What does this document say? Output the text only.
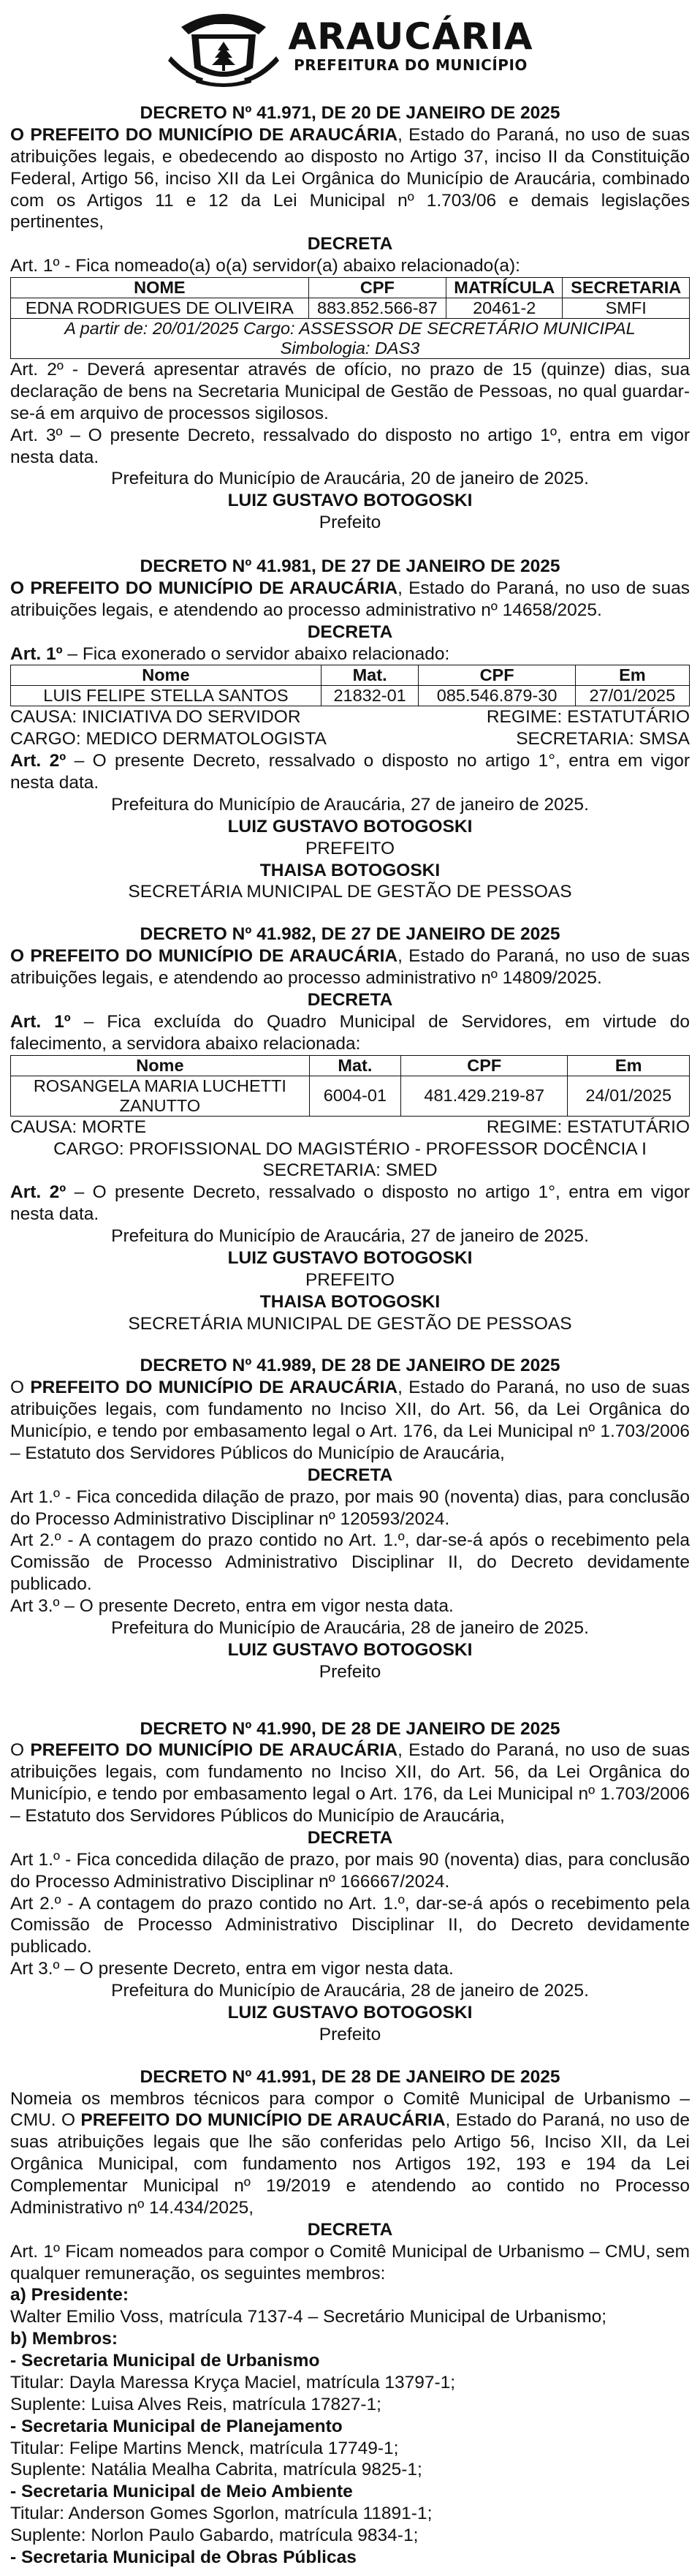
ARAUCÁRIA
PREFEITURA DO MUNICÍPIO

DECRETO Nº 41.971, DE 20 DE JANEIRO DE 2025

O PREFEITO DO MUNICÍPIO DE ARAUCÁRIA, Estado do Paraná, no uso de suas atribuições legais, e obedecendo ao disposto no Artigo 37, inciso II da Constituição Federal, Artigo 56, inciso XII da Lei Orgânica do Município de Araucária, combinado com os Artigos 11 e 12 da Lei Municipal nº 1.703/06 e demais legislações pertinentes,

DECRETA

Art. 1º - Fica nomeado(a) o(a) servidor(a) abaixo relacionado(a):

NOME	CPF	MATRÍCULA	SECRETARIA
EDNA RODRIGUES DE OLIVEIRA	883.852.566-87	20461-2	SMFI

A partir de: 20/01/2025 Cargo: ASSESSOR DE SECRETÁRIO MUNICIPAL
Simbologia: DAS3			

Art. 2º - Deverá apresentar através de ofício, no prazo de 15 (quinze) dias, sua declaração de bens na Secretaria Municipal de Gestão de Pessoas, no qual guardar-se-á em arquivo de processos sigilosos.

Art. 3º – O presente Decreto, ressalvado do disposto no artigo 1º, entra em vigor nesta data.

Prefeitura do Município de Araucária, 20 de janeiro de 2025.

LUIZ GUSTAVO BOTOGOSKI

Prefeito

DECRETO Nº 41.981, DE 27 DE JANEIRO DE 2025

O PREFEITO DO MUNICÍPIO DE ARAUCÁRIA, Estado do Paraná, no uso de suas atribuições legais, e atendendo ao processo administrativo nº 14658/2025.

DECRETA

Art. 1º – Fica exonerado o servidor abaixo relacionado:

Nome	Mat.	CPF	Em
LUIS FELIPE STELLA SANTOS	21832-01	085.546.879-30	27/01/2025
CAUSA: INICIATIVA DO SERVIDOR	REGIME: ESTATUTÁRIO
CARGO: MEDICO DERMATOLOGISTA	SECRETARIA: SMSA

Art. 2º – O presente Decreto, ressalvado o disposto no artigo 1°, entra em vigor nesta data.

Prefeitura do Município de Araucária, 27 de janeiro de 2025.

LUIZ GUSTAVO BOTOGOSKI

PREFEITO

THAISA BOTOGOSKI

SECRETÁRIA MUNICIPAL DE GESTÃO DE PESSOAS

DECRETO Nº 41.982, DE 27 DE JANEIRO DE 2025

O PREFEITO DO MUNICÍPIO DE ARAUCÁRIA, Estado do Paraná, no uso de suas atribuições legais, e atendendo ao processo administrativo nº 14809/2025.

DECRETA

Art. 1º – Fica excluída do Quadro Municipal de Servidores, em virtude do falecimento, a servidora abaixo relacionada:

Nome	Mat.	CPF	Em
ROSANGELA MARIA LUCHETTI ZANUTTO	6004-01	481.429.219-87	24/01/2025
CAUSA: MORTE	REGIME: ESTATUTÁRIO

CARGO: PROFISSIONAL DO MAGISTÉRIO - PROFESSOR DOCÊNCIA I

SECRETARIA: SMED

Art. 2º – O presente Decreto, ressalvado o disposto no artigo 1°, entra em vigor nesta data.

Prefeitura do Município de Araucária, 27 de janeiro de 2025.

LUIZ GUSTAVO BOTOGOSKI

PREFEITO

THAISA BOTOGOSKI

SECRETÁRIA MUNICIPAL DE GESTÃO DE PESSOAS

DECRETO Nº 41.989, DE 28 DE JANEIRO DE 2025

O PREFEITO DO MUNICÍPIO DE ARAUCÁRIA, Estado do Paraná, no uso de suas atribuições legais, com fundamento no Inciso XII, do Art. 56, da Lei Orgânica do Município, e tendo por embasamento legal o Art. 176, da Lei Municipal nº 1.703/2006 – Estatuto dos Servidores Públicos do Município de Araucária,

DECRETA

Art 1.º - Fica concedida dilação de prazo, por mais 90 (noventa) dias, para conclusão do Processo Administrativo Disciplinar nº 120593/2024.

Art 2.º - A contagem do prazo contido no Art. 1.º, dar-se-á após o recebimento pela Comissão de Processo Administrativo Disciplinar II, do Decreto devidamente publicado.

Art 3.º – O presente Decreto, entra em vigor nesta data.

Prefeitura do Município de Araucária, 28 de janeiro de 2025.

LUIZ GUSTAVO BOTOGOSKI

Prefeito

DECRETO Nº 41.990, DE 28 DE JANEIRO DE 2025

O PREFEITO DO MUNICÍPIO DE ARAUCÁRIA, Estado do Paraná, no uso de suas atribuições legais, com fundamento no Inciso XII, do Art. 56, da Lei Orgânica do Município, e tendo por embasamento legal o Art. 176, da Lei Municipal nº 1.703/2006 – Estatuto dos Servidores Públicos do Município de Araucária,

DECRETA

Art 1.º - Fica concedida dilação de prazo, por mais 90 (noventa) dias, para conclusão do Processo Administrativo Disciplinar nº 166667/2024.

Art 2.º - A contagem do prazo contido no Art. 1.º, dar-se-á após o recebimento pela Comissão de Processo Administrativo Disciplinar II, do Decreto devidamente publicado.

Art 3.º – O presente Decreto, entra em vigor nesta data.

Prefeitura do Município de Araucária, 28 de janeiro de 2025.

LUIZ GUSTAVO BOTOGOSKI

Prefeito

DECRETO Nº 41.991, DE 28 DE JANEIRO DE 2025

Nomeia os membros técnicos para compor o Comitê Municipal de Urbanismo – CMU. O PREFEITO DO MUNICÍPIO DE ARAUCÁRIA, Estado do Paraná, no uso de suas atribuições legais que lhe são conferidas pelo Artigo 56, Inciso XII, da Lei Orgânica Municipal, com fundamento nos Artigos 192, 193 e 194 da Lei Complementar Municipal nº 19/2019 e atendendo ao contido no Processo Administrativo nº 14.434/2025,

DECRETA

Art. 1º Ficam nomeados para compor o Comitê Municipal de Urbanismo – CMU, sem qualquer remuneração, os seguintes membros:

a) Presidente:

Walter Emilio Voss, matrícula 7137-4 – Secretário Municipal de Urbanismo;

b) Membros:

- Secretaria Municipal de Urbanismo

Titular: Dayla Maressa Kryça Maciel, matrícula 13797-1;

Suplente: Luisa Alves Reis, matrícula 17827-1;

- Secretaria Municipal de Planejamento

Titular: Felipe Martins Menck, matrícula 17749-1;

Suplente: Natália Mealha Cabrita, matrícula 9825-1;

- Secretaria Municipal de Meio Ambiente

Titular: Anderson Gomes Sgorlon, matrícula 11891-1;

Suplente: Norlon Paulo Gabardo, matrícula 9834-1;

- Secretaria Municipal de Obras Públicas
